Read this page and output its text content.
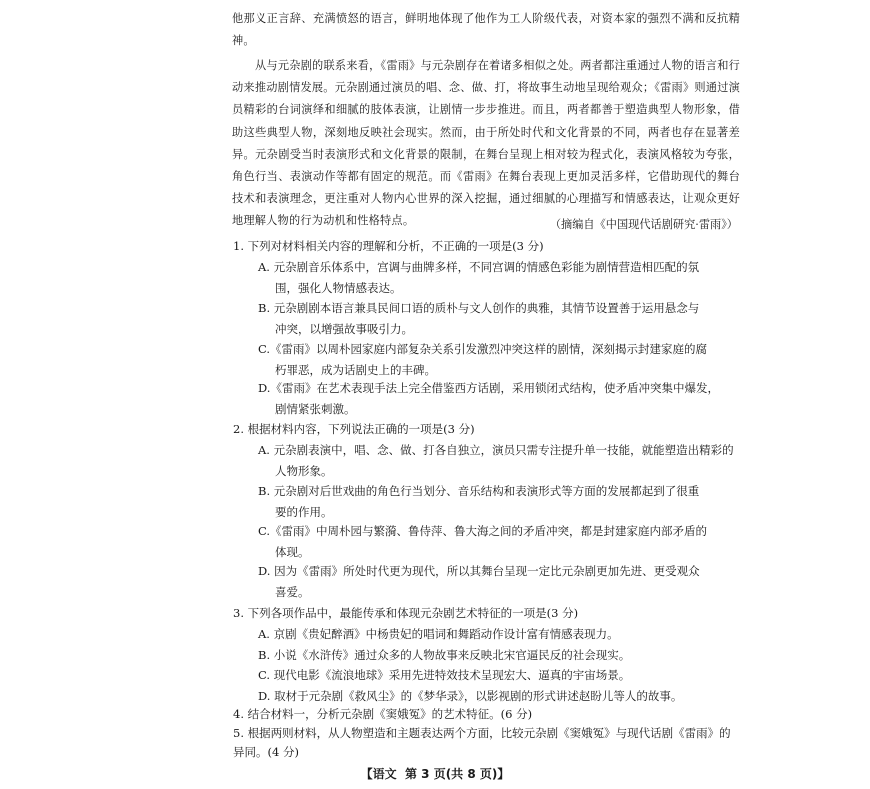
他那义正言辞、充满愤怒的语言，鲜明地体现了他作为工人阶级代表，对资本家的强烈不满和反抗精神。

从与元杂剧的联系来看，《雷雨》与元杂剧存在着诸多相似之处。两者都注重通过人物的语言和行动来推动剧情发展。元杂剧通过演员的唱、念、做、打，将故事生动地呈现给观众；《雷雨》则通过演员精彩的台词演绎和细腻的肢体表演，让剧情一步步推进。而且，两者都善于塑造典型人物形象，借助这些典型人物，深刻地反映社会现实。然而，由于所处时代和文化背景的不同，两者也存在显著差异。元杂剧受当时表演形式和文化背景的限制，在舞台呈现上相对较为程式化，表演风格较为夸张，角色行当、表演动作等都有固定的规范。而《雷雨》在舞台表现上更加灵活多样，它借助现代的舞台技术和表演理念，更注重对人物内心世界的深入挖掘，通过细腻的心理描写和情感表达，让观众更好地理解人物的行为动机和性格特点。	（摘编自《中国现代话剧研究·雷雨》）

1. 下列对材料相关内容的理解和分析，不正确的一项是(3 分)

A. 元杂剧音乐体系中，宫调与曲牌多样，不同宫调的情感色彩能为剧情营造相匹配的氛
围，强化人物情感表达。

B. 元杂剧剧本语言兼具民间口语的质朴与文人创作的典雅，其情节设置善于运用悬念与
冲突，以增强故事吸引力。

C.《雷雨》以周朴园家庭内部复杂关系引发激烈冲突这样的剧情，深刻揭示封建家庭的腐
朽罪恶，成为话剧史上的丰碑。

D.《雷雨》在艺术表现手法上完全借鉴西方话剧，采用锁闭式结构，使矛盾冲突集中爆发，
剧情紧张刺激。

2. 根据材料内容，下列说法正确的一项是(3 分)

A. 元杂剧表演中，唱、念、做、打各自独立，演员只需专注提升单一技能，就能塑造出精彩的
人物形象。

B. 元杂剧对后世戏曲的角色行当划分、音乐结构和表演形式等方面的发展都起到了很重
要的作用。

C.《雷雨》中周朴园与繁漪、鲁侍萍、鲁大海之间的矛盾冲突，都是封建家庭内部矛盾的
体现。

D. 因为《雷雨》所处时代更为现代，所以其舞台呈现一定比元杂剧更加先进、更受观众
喜爱。

3. 下列各项作品中，最能传承和体现元杂剧艺术特征的一项是(3 分)

A. 京剧《贵妃醉酒》中杨贵妃的唱词和舞蹈动作设计富有情感表现力。

B. 小说《水浒传》通过众多的人物故事来反映北宋官逼民反的社会现实。

C. 现代电影《流浪地球》采用先进特效技术呈现宏大、逼真的宇宙场景。

D. 取材于元杂剧《救风尘》的《梦华录》，以影视剧的形式讲述赵盼儿等人的故事。

4. 结合材料一，分析元杂剧《窦娥冤》的艺术特征。(6 分)

5. 根据两则材料，从人物塑造和主题表达两个方面，比较元杂剧《窦娥冤》与现代话剧《雷雨》的异同。(4 分)

【语文 第 3 页(共 8 页)】
